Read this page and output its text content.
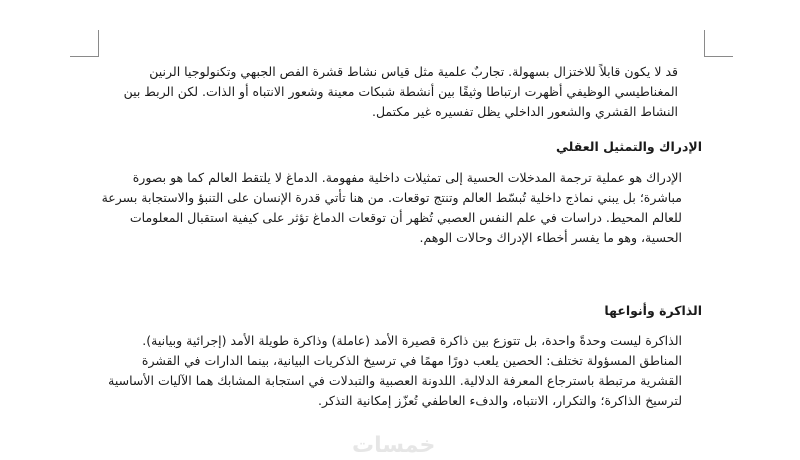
قد لا يكون قابلاً للاختزال بسهولة. تجاربٌ علمية مثل قياس نشاط قشرة الفص الجبهي وتكنولوجيا الرنين المغناطيسي الوظيفي أظهرت ارتباطا وثيقًا بين أنشطة شبكات معينة وشعور الانتباه أو الذات. لكن الربط بين النشاط القشري والشعور الداخلي يظل تفسيره غير مكتمل.

الإدراك والتمثيل العقلي

الإدراك هو عملية ترجمة المدخلات الحسية إلى تمثيلات داخلية مفهومة. الدماغ لا يلتقط العالم كما هو بصورة مباشرة؛ بل يبني نماذج داخلية تُبسّط العالم وتنتج توقعات. من هنا تأتي قدرة الإنسان على التنبؤ والاستجابة بسرعة للعالم المحيط. دراسات في علم النفس العصبي تُظهر أن توقعات الدماغ تؤثر على كيفية استقبال المعلومات الحسية، وهو ما يفسر أخطاء الإدراك وحالات الوهم.

الذاكرة وأنواعها

الذاكرة ليست وحدةً واحدة، بل تتوزع بين ذاكرة قصيرة الأمد (عاملة) وذاكرة طويلة الأمد (إجرائية وبيانية). المناطق المسؤولة تختلف: الحصين يلعب دورًا مهمًا في ترسيخ الذكريات البيانية، بينما الدارات في القشرة القشرية مرتبطة باسترجاع المعرفة الدلالية. اللدونة العصبية والتبدلات في استجابة المشابك هما الآليات الأساسية لترسيخ الذاكرة؛ والتكرار، الانتباه، والدفء العاطفي تُعزّز إمكانية التذكر.

خمسات
